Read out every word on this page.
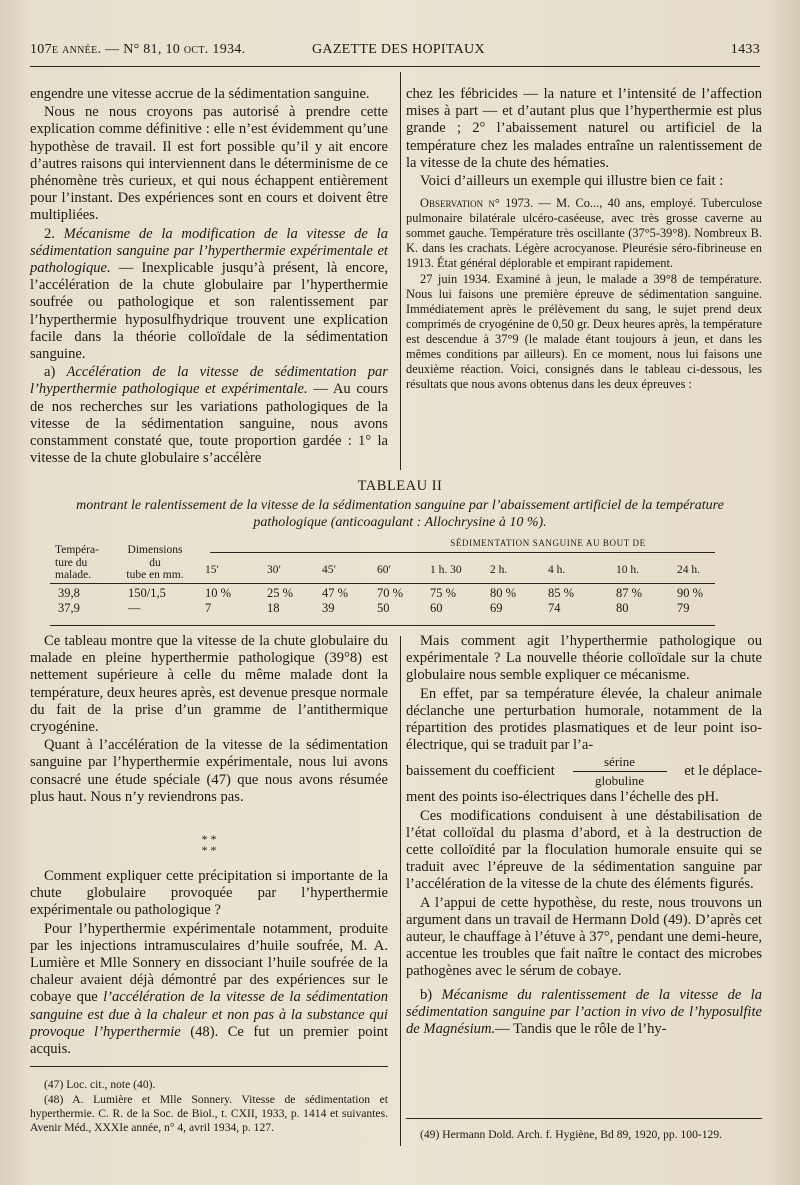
107e année. — N° 81, 10 oct. 1934.	GAZETTE DES HOPITAUX	1433

engendre une vitesse accrue de la sédimentation sanguine.

Nous ne nous croyons pas autorisé à prendre cette explication comme définitive : elle n’est évidemment qu’une hypothèse de travail. Il est fort possible qu’il y ait encore d’autres raisons qui interviennent dans le déterminisme de ce phénomène très curieux, et qui nous échappent entièrement pour l’instant. Des expériences sont en cours et doivent être multipliées.

2. Mécanisme de la modification de la vitesse de la sédimentation sanguine par l’hyperthermie expérimentale et pathologique. — Inexplicable jusqu’à présent, là encore, l’accélération de la chute globulaire par l’hyperthermie soufrée ou pathologique et son ralentissement par l’hyperthermie hyposulfhydrique trouvent une explication facile dans la théorie colloïdale de la sédimentation sanguine.

a) Accélération de la vitesse de sédimentation par l’hyperthermie pathologique et expérimentale. — Au cours de nos recherches sur les variations pathologiques de la vitesse de la sédimentation sanguine, nous avons constamment constaté que, toute proportion gardée : 1° la vitesse de la chute globulaire s’accélère

chez les fébricides — la nature et l’intensité de l’affection mises à part — et d’autant plus que l’hyperthermie est plus grande ; 2° l’abaissement naturel ou artificiel de la température chez les malades entraîne un ralentissement de la vitesse de la chute des hématies.

Voici d’ailleurs un exemple qui illustre bien ce fait :

Observation n° 1973. — M. Co..., 40 ans, employé. Tuberculose pulmonaire bilatérale ulcéro-caséeuse, avec très grosse caverne au sommet gauche. Température très oscillante (37°5-39°8). Nombreux B. K. dans les crachats. Légère acrocyanose. Pleurésie séro-fibrineuse en 1913. État général déplorable et empirant rapidement.

27 juin 1934. Examiné à jeun, le malade a 39°8 de température. Nous lui faisons une première épreuve de sédimentation sanguine. Immédiatement après le prélèvement du sang, le sujet prend deux comprimés de cryogénine de 0,50 gr. Deux heures après, la température est descendue à 37°9 (le malade étant toujours à jeun, et dans les mêmes conditions par ailleurs). En ce moment, nous lui faisons une deuxième réaction. Voici, consignés dans le tableau ci-dessous, les résultats que nous avons obtenus dans les deux épreuves :

TABLEAU II
montrant le ralentissement de la vitesse de la sédimentation sanguine par l’abaissement artificiel de la température
pathologique (anticoagulant : Allochrysine à 10 %).
SÉDIMENTATION SANGUINE AU BOUT DE
Tempéra-
ture du
malade.
Dimensions
du
tube en mm.	15′	30′	45′	60′	1 h. 30 2 h.	4 h.	10 h.	24 h.
39,8	150/1,5	10 %	25 % 47 % 70 % 75 %	80 %	85 %	87 %	90 %
37,9	—	7	18	39	50	60	69	74	80	79

Ce tableau montre que la vitesse de la chute globulaire du malade en pleine hyperthermie pathologique (39°8) est nettement supérieure à celle du même malade dont la température, deux heures après, est devenue presque normale du fait de la prise d’un gramme de l’antithermique cryogénine.

Quant à l’accélération de la vitesse de la sédimentation sanguine par l’hyperthermie expérimentale, nous lui avons consacré une étude spéciale (47) que nous avons résumée plus haut. Nous n’y reviendrons pas.

* *
* *

Comment expliquer cette précipitation si importante de la chute globulaire provoquée par l’hyperthermie expérimentale ou pathologique ?

Pour l’hyperthermie expérimentale notamment, produite par les injections intramusculaires d’huile soufrée, M. A. Lumière et Mlle Sonnery en dissociant l’huile soufrée de la chaleur avaient déjà démontré par des expériences sur le cobaye que l’accélération de la vitesse de la sédimentation sanguine est due à la chaleur et non pas à la substance qui provoque l’hyperthermie (48). Ce fut un premier point acquis.

(47) Loc. cit., note (40).

(48) A. Lumière et Mlle Sonnery. Vitesse de sédimentation et hyperthermie. C. R. de la Soc. de Biol., t. CXII, 1933, p. 1414 et suivantes. Avenir Méd., XXXIe année, n° 4, avril 1934, p. 127.

Mais comment agit l’hyperthermie pathologique ou expérimentale ? La nouvelle théorie colloïdale sur la chute globulaire nous semble expliquer ce mécanisme.

En effet, par sa température élevée, la chaleur animale déclanche une perturbation humorale, notamment de la répartition des protides plasmatiques et de leur point iso-électrique, qui se traduit par l’a-

baissement du coefficient $\frac{\text{sérine}}{\text{globuline}}$ et le déplace-

ment des points iso-électriques dans l’échelle des pH.

Ces modifications conduisent à une déstabilisation de l’état colloïdal du plasma d’abord, et à la destruction de cette colloïdité par la floculation humorale ensuite qui se traduit avec l’épreuve de la sédimentation sanguine par l’accélération de la vitesse de la chute des éléments figurés.

A l’appui de cette hypothèse, du reste, nous trouvons un argument dans un travail de Hermann Dold (49). D’après cet auteur, le chauffage à l’étuve à 37°, pendant une demi-heure, accentue les troubles que fait naître le contact des microbes pathogènes avec le sérum de cobaye.

b) Mécanisme du ralentissement de la vitesse de la sédimentation sanguine par l’action in vivo de l’hyposulfite de Magnésium.— Tandis que le rôle de l’hy-

(49) Hermann Dold. Arch. f. Hygiène, Bd 89, 1920, pp. 100-129.
